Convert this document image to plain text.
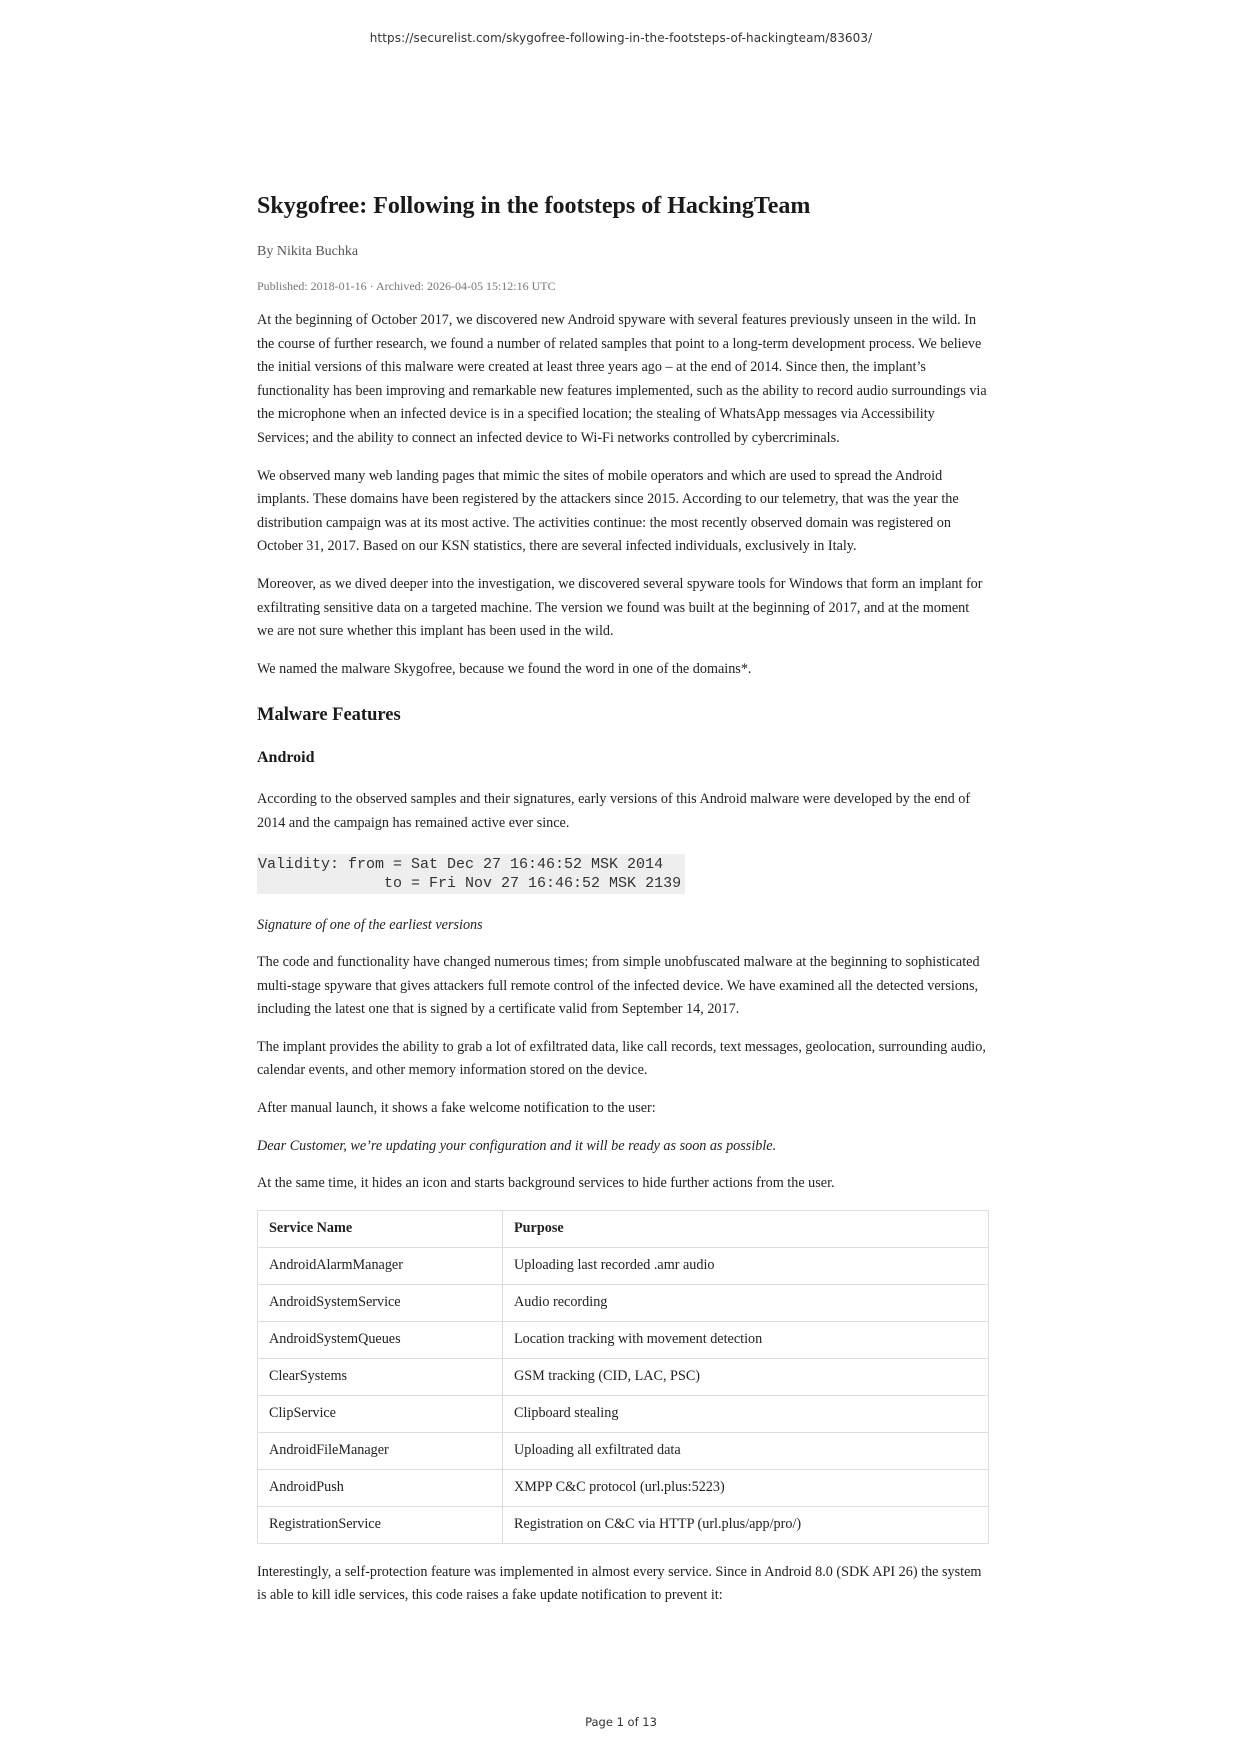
https://securelist.com/skygofree-following-in-the-footsteps-of-hackingteam/83603/
Skygofree: Following in the footsteps of HackingTeam
By Nikita Buchka
Published: 2018-01-16 · Archived: 2026-04-05 15:12:16 UTC

At the beginning of October 2017, we discovered new Android spyware with several features previously unseen in the wild. In the course of further research, we found a number of related samples that point to a long-term development process. We believe the initial versions of this malware were created at least three years ago – at the end of 2014. Since then, the implant’s functionality has been improving and remarkable new features implemented, such as the ability to record audio surroundings via the microphone when an infected device is in a specified location; the stealing of WhatsApp messages via Accessibility Services; and the ability to connect an infected device to Wi-Fi networks controlled by cybercriminals.

We observed many web landing pages that mimic the sites of mobile operators and which are used to spread the Android implants. These domains have been registered by the attackers since 2015. According to our telemetry, that was the year the distribution campaign was at its most active. The activities continue: the most recently observed domain was registered on October 31, 2017. Based on our KSN statistics, there are several infected individuals, exclusively in Italy.

Moreover, as we dived deeper into the investigation, we discovered several spyware tools for Windows that form an implant for exfiltrating sensitive data on a targeted machine. The version we found was built at the beginning of 2017, and at the moment we are not sure whether this implant has been used in the wild.

We named the malware Skygofree, because we found the word in one of the domains*.

Malware Features
Android

According to the observed samples and their signatures, early versions of this Android malware were developed by the end of 2014 and the campaign has remained active ever since.

Validity: from = Sat Dec 27 16:46:52 MSK 2014
to = Fri Nov 27 16:46:52 MSK 2139

Signature of one of the earliest versions

The code and functionality have changed numerous times; from simple unobfuscated malware at the beginning to sophisticated multi-stage spyware that gives attackers full remote control of the infected device. We have examined all the detected versions, including the latest one that is signed by a certificate valid from September 14, 2017.

The implant provides the ability to grab a lot of exfiltrated data, like call records, text messages, geolocation, surrounding audio, calendar events, and other memory information stored on the device.

After manual launch, it shows a fake welcome notification to the user:

Dear Customer, we’re updating your configuration and it will be ready as soon as possible.

At the same time, it hides an icon and starts background services to hide further actions from the user.

Service Name	Purpose
AndroidAlarmManager	Uploading last recorded .amr audio
AndroidSystemService	Audio recording
AndroidSystemQueues	Location tracking with movement detection
ClearSystems	GSM tracking (CID, LAC, PSC)
ClipService	Clipboard stealing
AndroidFileManager	Uploading all exfiltrated data
AndroidPush	XMPP C&C protocol (url.plus:5223)
RegistrationService	Registration on C&C via HTTP (url.plus/app/pro/)

Interestingly, a self-protection feature was implemented in almost every service. Since in Android 8.0 (SDK API 26) the system is able to kill idle services, this code raises a fake update notification to prevent it:

Page 1 of 13
